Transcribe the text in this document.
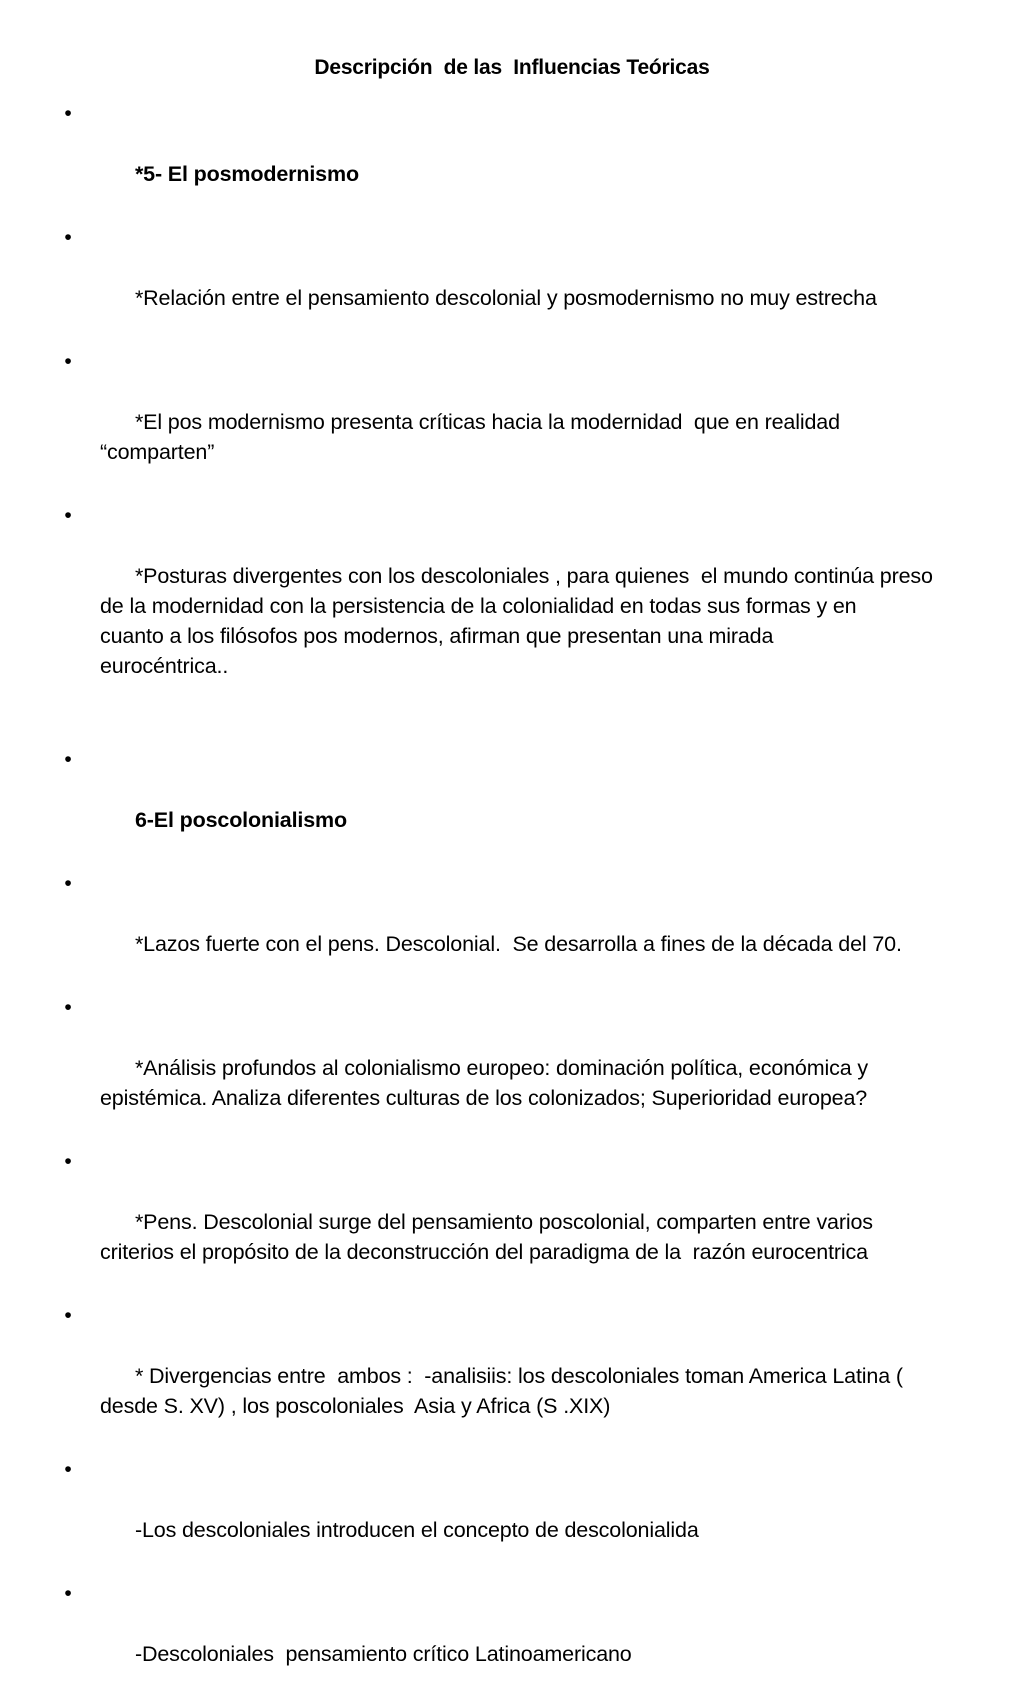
Descripción  de las  Influencias Teóricas

•

*5- El posmodernismo

•

*Relación entre el pensamiento descolonial y posmodernismo no muy estrecha

•

*El pos modernismo presenta críticas hacia la modernidad  que en realidad
“comparten”

•

*Posturas divergentes con los descoloniales , para quienes  el mundo continúa preso
de la modernidad con la persistencia de la colonialidad en todas sus formas y en
cuanto a los filósofos pos modernos, afirman que presentan una mirada
eurocéntrica..

•

6-El poscolonialismo

•

*Lazos fuerte con el pens. Descolonial.  Se desarrolla a fines de la década del 70.

•

*Análisis profundos al colonialismo europeo: dominación política, económica y
epistémica. Analiza diferentes culturas de los colonizados; Superioridad europea?

•

*Pens. Descolonial surge del pensamiento poscolonial, comparten entre varios
criterios el propósito de la deconstrucción del paradigma de la  razón eurocentrica

•

* Divergencias entre  ambos :  -analisiis: los descoloniales toman America Latina (
desde S. XV) , los poscoloniales  Asia y Africa (S .XIX)

•

-Los descoloniales introducen el concepto de descolonialida

•

-Descoloniales  pensamiento crítico Latinoamericano
